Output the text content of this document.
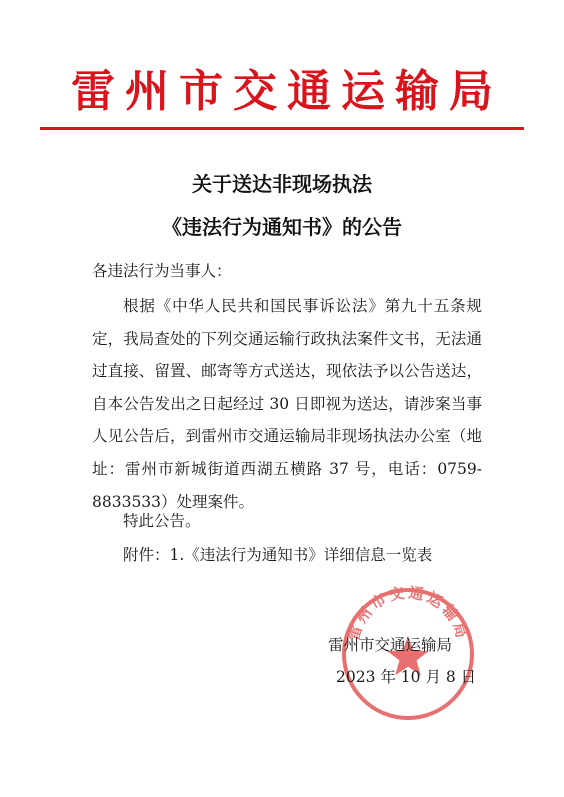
雷州市交通运输局
关于送达非现场执法
《违法行为通知书》的公告
各违法行为当事人：
根据《中华人民共和国民事诉讼法》第九十五条规定，我局查处的下列交通运输行政执法案件文书，无法通过直接、留置、邮寄等方式送达，现依法予以公告送达，自本公告发出之日起经过 30 日即视为送达，请涉案当事人见公告后，到雷州市交通运输局非现场执法办公室（地址：雷州市新城街道西湖五横路 37 号，电话：0759-8833533）处理案件。
特此公告。
附件：1.《违法行为通知书》详细信息一览表
雷州市交通运输局
雷州市交通运输局
2023 年 10 月 8 日
